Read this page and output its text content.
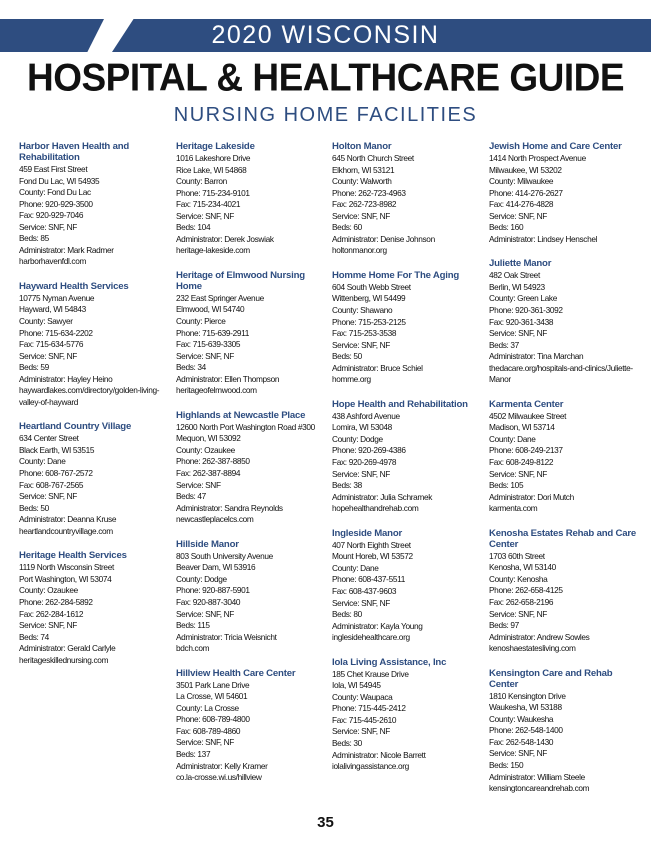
2020 WISCONSIN
HOSPITAL & HEALTHCARE GUIDE
NURSING HOME FACILITIES
Harbor Haven Health and Rehabilitation
459 East First Street
Fond Du Lac, WI 54935
County: Fond Du Lac
Phone: 920-929-3500
Fax: 920-929-7046
Service: SNF, NF
Beds: 85
Administrator: Mark Radmer
harborhavenfdl.com
Hayward Health Services
10775 Nyman Avenue
Hayward, WI 54843
County: Sawyer
Phone: 715-634-2202
Fax: 715-634-5776
Service: SNF, NF
Beds: 59
Administrator: Hayley Heino
haywardlakes.com/directory/golden-living-valley-of-hayward
Heartland Country Village
634 Center Street
Black Earth, WI 53515
County: Dane
Phone: 608-767-2572
Fax: 608-767-2565
Service: SNF, NF
Beds: 50
Administrator: Deanna Kruse
heartlandcountryvillage.com
Heritage Health Services
1119 North Wisconsin Street
Port Washington, WI 53074
County: Ozaukee
Phone: 262-284-5892
Fax: 262-284-1612
Service: SNF, NF
Beds: 74
Administrator: Gerald Carlyle
heritageskillednursing.com
Heritage Lakeside
1016 Lakeshore Drive
Rice Lake, WI 54868
County: Barron
Phone: 715-234-9101
Fax: 715-234-4021
Service: SNF, NF
Beds: 104
Administrator: Derek Joswiak
heritage-lakeside.com
Heritage of Elmwood Nursing Home
232 East Springer Avenue
Elmwood, WI 54740
County: Pierce
Phone: 715-639-2911
Fax: 715-639-3305
Service: SNF, NF
Beds: 34
Administrator: Ellen Thompson
heritageofelmwood.com
Highlands at Newcastle Place
12600 North Port Washington Road #300
Mequon, WI 53092
County: Ozaukee
Phone: 262-387-8850
Fax: 262-387-8894
Service: SNF
Beds: 47
Administrator: Sandra Reynolds
newcastleplacelcs.com
Hillside Manor
803 South University Avenue
Beaver Dam, WI 53916
County: Dodge
Phone: 920-887-5901
Fax: 920-887-3040
Service: SNF, NF
Beds: 115
Administrator: Tricia Weisnicht
bdch.com
Hillview Health Care Center
3501 Park Lane Drive
La Crosse, WI 54601
County: La Crosse
Phone: 608-789-4800
Fax: 608-789-4860
Service: SNF, NF
Beds: 137
Administrator: Kelly Kramer
co.la-crosse.wi.us/hillview
Holton Manor
645 North Church Street
Elkhorn, WI 53121
County: Walworth
Phone: 262-723-4963
Fax: 262-723-8982
Service: SNF, NF
Beds: 60
Administrator: Denise Johnson
holtonmanor.org
Homme Home For The Aging
604 South Webb Street
Wittenberg, WI 54499
County: Shawano
Phone: 715-253-2125
Fax: 715-253-3538
Service: SNF, NF
Beds: 50
Administrator: Bruce Schiel
homme.org
Hope Health and Rehabilitation
438 Ashford Avenue
Lomira, WI 53048
County: Dodge
Phone: 920-269-4386
Fax: 920-269-4978
Service: SNF, NF
Beds: 38
Administrator: Julia Schramek
hopehealthandrehab.com
Ingleside Manor
407 North Eighth Street
Mount Horeb, WI 53572
County: Dane
Phone: 608-437-5511
Fax: 608-437-9603
Service: SNF, NF
Beds: 80
Administrator: Kayla Young
inglesidehealthcare.org
Iola Living Assistance, Inc
185 Chet Krause Drive
Iola, WI 54945
County: Waupaca
Phone: 715-445-2412
Fax: 715-445-2610
Service: SNF, NF
Beds: 30
Administrator: Nicole Barrett
iolalivingassistance.org
Jewish Home and Care Center
1414 North Prospect Avenue
Milwaukee, WI 53202
County: Milwaukee
Phone: 414-276-2627
Fax: 414-276-4828
Service: SNF, NF
Beds: 160
Administrator: Lindsey Henschel
Juliette Manor
482 Oak Street
Berlin, WI 54923
County: Green Lake
Phone: 920-361-3092
Fax: 920-361-3438
Service: SNF, NF
Beds: 37
Administrator: Tina Marchan
thedacare.org/hospitals-and-clinics/Juliette-Manor
Karmenta Center
4502 Milwaukee Street
Madison, WI 53714
County: Dane
Phone: 608-249-2137
Fax: 608-249-8122
Service: SNF, NF
Beds: 105
Administrator: Dori Mutch
karmenta.com
Kenosha Estates Rehab and Care Center
1703 60th Street
Kenosha, WI 53140
County: Kenosha
Phone: 262-658-4125
Fax: 262-658-2196
Service: SNF, NF
Beds: 97
Administrator: Andrew Sowles
kenoshaestatesliving.com
Kensington Care and Rehab Center
1810 Kensington Drive
Waukesha, WI 53188
County: Waukesha
Phone: 262-548-1400
Fax: 262-548-1430
Service: SNF, NF
Beds: 150
Administrator: William Steele
kensingtoncareandrehab.com
35
